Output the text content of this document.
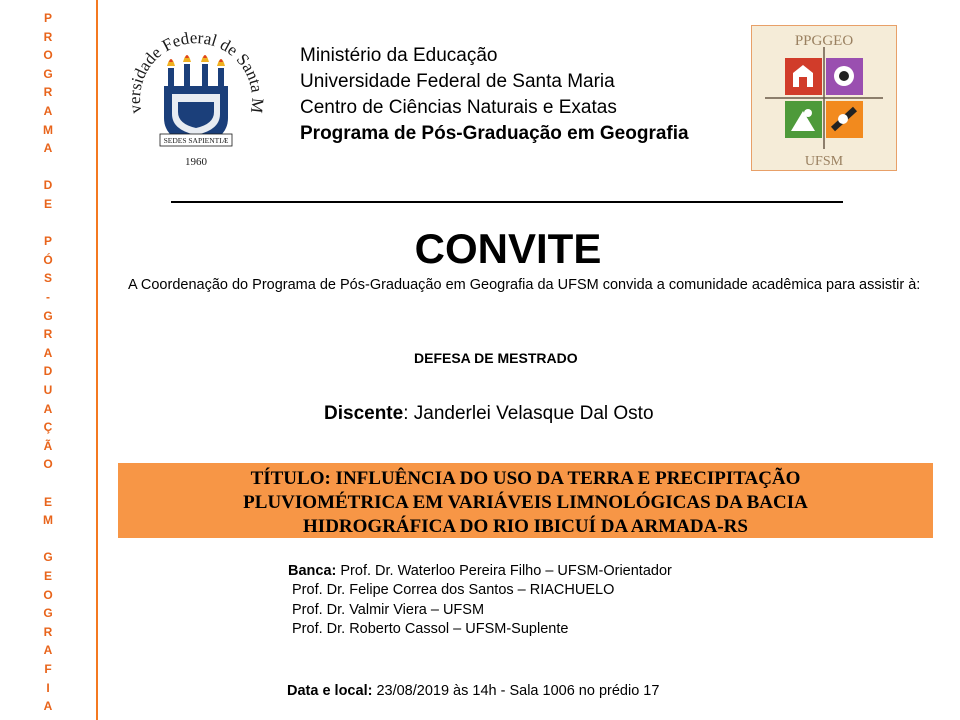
P
R
O
G
R
A
M
A
D
E
P
Ó
S
-
G
R
A
D
U
A
Ç
Ã
O
E
M
G
E
O
G
R
A
F
I
A
versidade Federal de Santa M
SEDES SAPIENTIÆ
1960
Ministério da Educação
Universidade Federal de Santa Maria
Centro de Ciências Naturais e Exatas
Programa de Pós-Graduação em Geografia
PPGGEO
UFSM
CONVITE
A Coordenação do Programa de Pós-Graduação em Geografia da UFSM convida a comunidade acadêmica para assistir à:
DEFESA DE MESTRADO
Discente: Janderlei Velasque Dal Osto
TÍTULO: INFLUÊNCIA DO USO DA TERRA E PRECIPITAÇÃO
PLUVIOMÉTRICA EM VARIÁVEIS LIMNOLÓGICAS DA BACIA
HIDROGRÁFICA DO RIO IBICUÍ DA ARMADA-RS
Banca: Prof. Dr. Waterloo Pereira Filho – UFSM-Orientador
Prof. Dr. Felipe Correa dos Santos – RIACHUELO
Prof. Dr. Valmir Viera – UFSM
Prof. Dr. Roberto Cassol – UFSM-Suplente
Data e local: 23/08/2019 às 14h - Sala 1006 no prédio 17
